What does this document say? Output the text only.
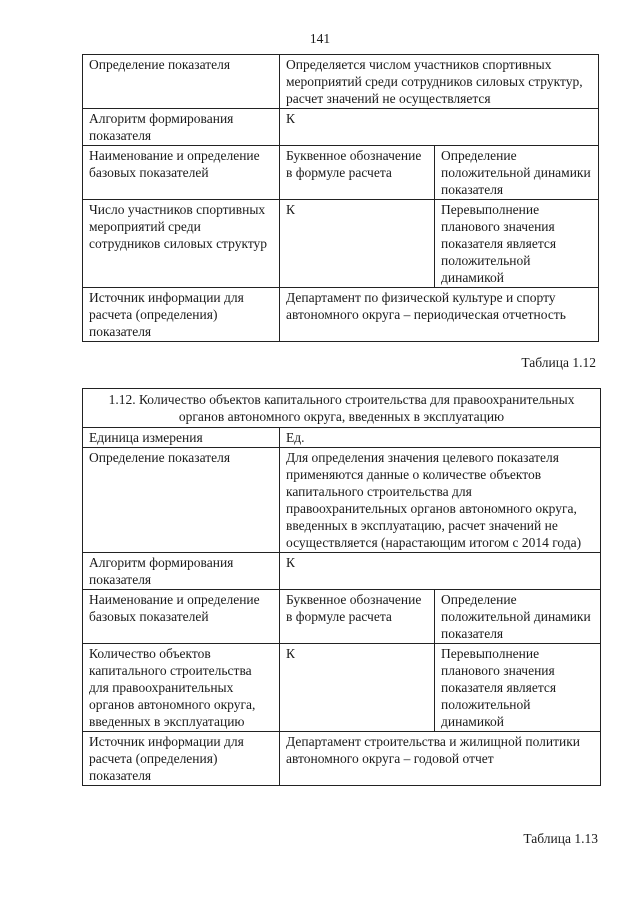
141
Определение показателя	Определяется числом участников спортивных мероприятий среди сотрудников силовых структур, расчет значений не осуществляется	
Алгоритм формирования показателя	К	
Наименование и определение базовых показателей	Буквенное обозначение в формуле расчета	Определение положительной динамики показателя
Число участников спортивных мероприятий среди сотрудников силовых структур	К	Перевыполнение планового значения показателя является положительной динамикой
Источник информации для расчета (определения) показателя	Департамент по физической культуре и спорту автономного округа – периодическая отчетность	
Таблица 1.12
1.12. Количество объектов капитального строительства для правоохранительных органов автономного округа, введенных в эксплуатацию		
Единица измерения	Ед.	
Определение показателя	Для определения значения целевого показателя применяются данные о количестве объектов капитального строительства для правоохранительных органов автономного округа, введенных в эксплуатацию, расчет значений не осуществляется (нарастающим итогом с 2014 года)	
Алгоритм формирования показателя	К	
Наименование и определение базовых показателей	Буквенное обозначение в формуле расчета	Определение положительной динамики показателя
Количество объектов капитального строительства для правоохранительных органов автономного округа, введенных в эксплуатацию	К	Перевыполнение планового значения показателя является положительной динамикой
Источник информации для расчета (определения) показателя	Департамент строительства и жилищной политики автономного округа – годовой отчет	
Таблица 1.13
